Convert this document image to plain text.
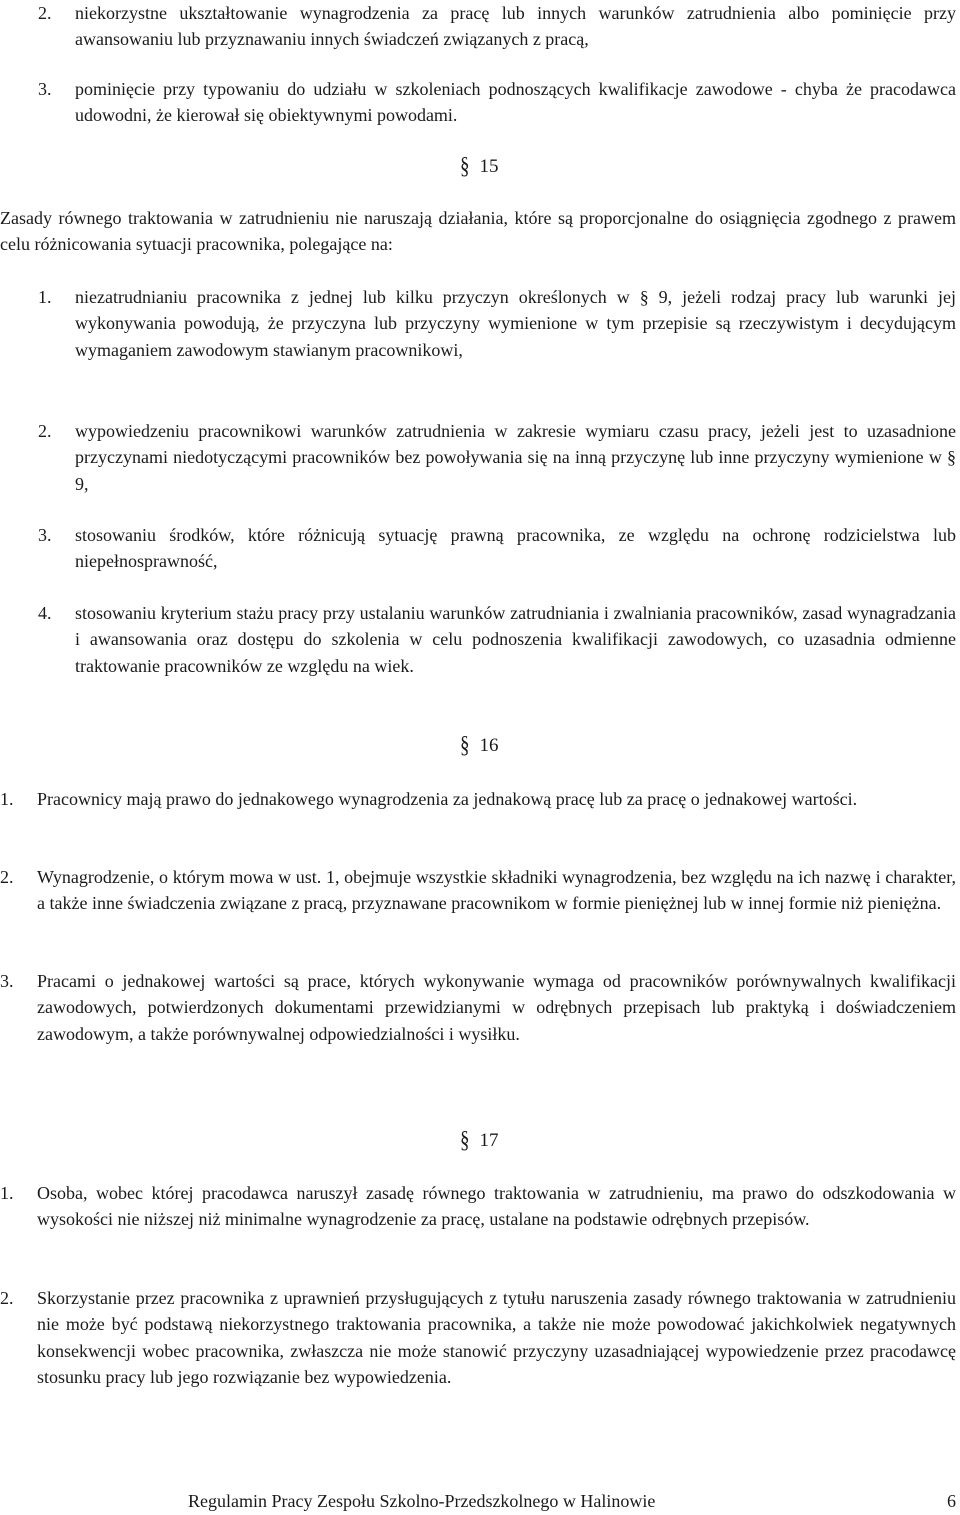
2. niekorzystne ukształtowanie wynagrodzenia za pracę lub innych warunków zatrudnienia albo pominięcie przy awansowaniu lub przyznawaniu innych świadczeń związanych z pracą,
3. pominięcie przy typowaniu do udziału w szkoleniach podnoszących kwalifikacje zawodowe - chyba że pracodawca udowodni, że kierował się obiektywnymi powodami.
§ 15
Zasady równego traktowania w zatrudnieniu nie naruszają działania, które są proporcjonalne do osiągnięcia zgodnego z prawem celu różnicowania sytuacji pracownika, polegające na:
1. niezatrudnianiu pracownika z jednej lub kilku przyczyn określonych w § 9, jeżeli rodzaj pracy lub warunki jej wykonywania powodują, że przyczyna lub przyczyny wymienione w tym przepisie są rzeczywistym i decydującym wymaganiem zawodowym stawianym pracownikowi,
2. wypowiedzeniu pracownikowi warunków zatrudnienia w zakresie wymiaru czasu pracy, jeżeli jest to uzasadnione przyczynami niedotyczącymi pracowników bez powoływania się na inną przyczynę lub inne przyczyny wymienione w § 9,
3. stosowaniu środków, które różnicują sytuację prawną pracownika, ze względu na ochronę rodzicielstwa lub niepełnosprawność,
4. stosowaniu kryterium stażu pracy przy ustalaniu warunków zatrudniania i zwalniania pracowników, zasad wynagradzania i awansowania oraz dostępu do szkolenia w celu podnoszenia kwalifikacji zawodowych, co uzasadnia odmienne traktowanie pracowników ze względu na wiek.
§ 16
1. Pracownicy mają prawo do jednakowego wynagrodzenia za jednakową pracę lub za pracę o jednakowej wartości.
2. Wynagrodzenie, o którym mowa w ust. 1, obejmuje wszystkie składniki wynagrodzenia, bez względu na ich nazwę i charakter, a także inne świadczenia związane z pracą, przyznawane pracownikom w formie pieniężnej lub w innej formie niż pieniężna.
3. Pracami o jednakowej wartości są prace, których wykonywanie wymaga od pracowników porównywalnych kwalifikacji zawodowych, potwierdzonych dokumentami przewidzianymi w odrębnych przepisach lub praktyką i doświadczeniem zawodowym, a także porównywalnej odpowiedzialności i wysiłku.
§ 17
1. Osoba, wobec której pracodawca naruszył zasadę równego traktowania w zatrudnieniu, ma prawo do odszkodowania w wysokości nie niższej niż minimalne wynagrodzenie za pracę, ustalane na podstawie odrębnych przepisów.
2. Skorzystanie przez pracownika z uprawnień przysługujących z tytułu naruszenia zasady równego traktowania w zatrudnieniu nie może być podstawą niekorzystnego traktowania pracownika, a także nie może powodować jakichkolwiek negatywnych konsekwencji wobec pracownika, zwłaszcza nie może stanowić przyczyny uzasadniającej wypowiedzenie przez pracodawcę stosunku pracy lub jego rozwiązanie bez wypowiedzenia.
Regulamin Pracy Zespołu Szkolno-Przedszkolnego w Halinowie	6
